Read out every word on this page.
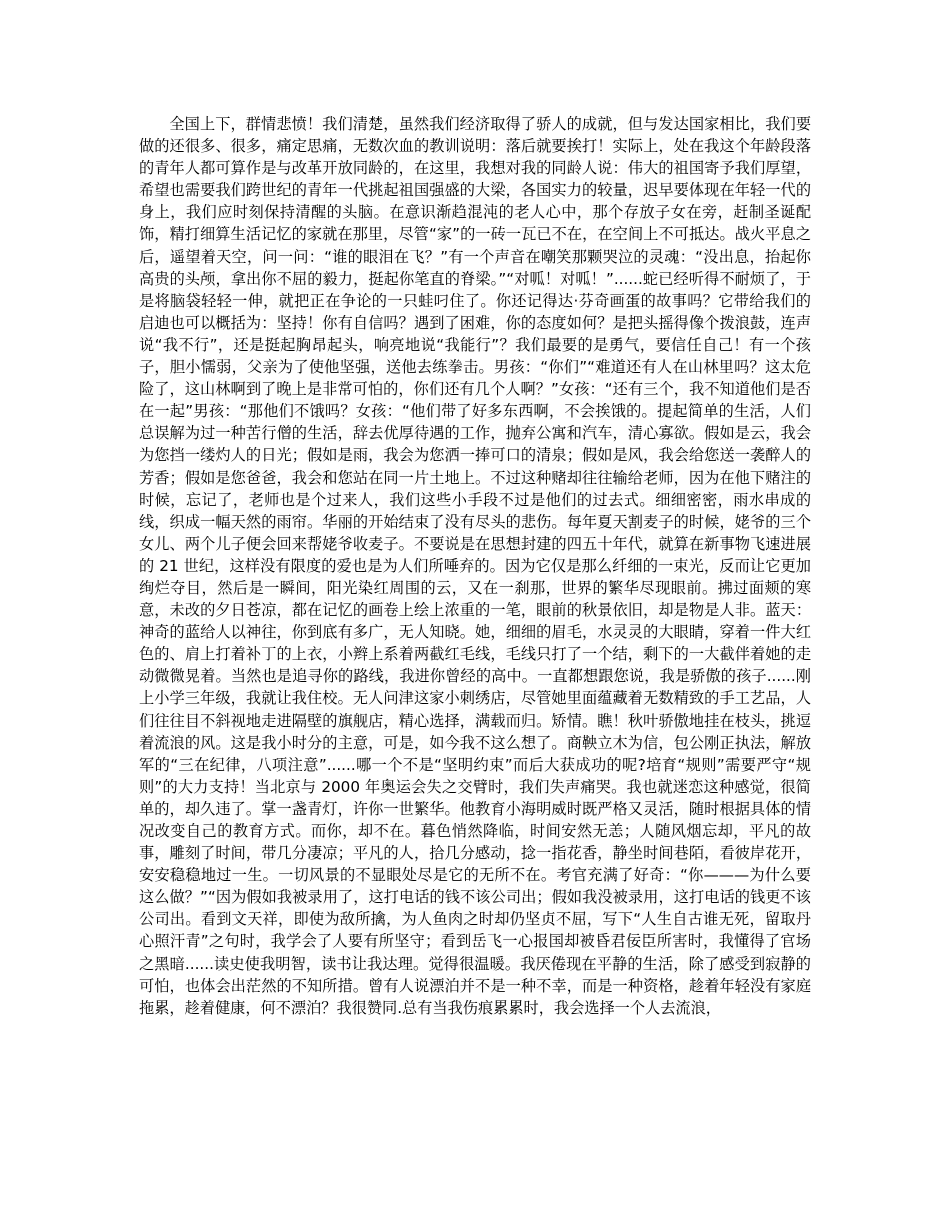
全国上下，群情悲愤！我们清楚，虽然我们经济取得了骄人的成就，但与发达国家相比，我们要做的还很多、很多，痛定思痛，无数次血的教训说明：落后就要挨打！实际上，处在我这个年龄段落的青年人都可算作是与改革开放同龄的，在这里，我想对我的同龄人说：伟大的祖国寄予我们厚望，希望也需要我们跨世纪的青年一代挑起祖国强盛的大梁，各国实力的较量，迟早要体现在年轻一代的身上，我们应时刻保持清醒的头脑。在意识渐趋混沌的老人心中，那个存放子女在旁，赶制圣诞配饰，精打细算生活记忆的家就在那里，尽管“家”的一砖一瓦已不在，在空间上不可抵达。战火平息之后，遥望着天空，问一问：“谁的眼泪在飞？”有一个声音在嘲笑那颗哭泣的灵魂：“没出息，抬起你高贵的头颅，拿出你不屈的毅力，挺起你笔直的脊梁。”“对呱！对呱！”......蛇已经听得不耐烦了，于是将脑袋轻轻一伸，就把正在争论的一只蛙叼住了。你还记得达·芬奇画蛋的故事吗？它带给我们的启迪也可以概括为：坚持！你有自信吗？遇到了困难，你的态度如何？是把头摇得像个拨浪鼓，连声说“我不行”，还是挺起胸昂起头，响亮地说“我能行”？我们最要的是勇气，要信任自己！有一个孩子，胆小懦弱，父亲为了使他坚强，送他去练拳击。男孩：“你们”“难道还有人在山林里吗？这太危险了，这山林啊到了晚上是非常可怕的，你们还有几个人啊？”女孩：“还有三个，我不知道他们是否在一起”男孩：“那他们不饿吗？女孩：“他们带了好多东西啊，不会挨饿的。提起简单的生活，人们总误解为过一种苦行僧的生活，辞去优厚待遇的工作，抛弃公寓和汽车，清心寡欲。假如是云，我会为您挡一缕灼人的日光；假如是雨，我会为您洒一捧可口的清泉；假如是风，我会给您送一袭醉人的芳香；假如是您爸爸，我会和您站在同一片土地上。不过这种赌却往往输给老师，因为在他下赌注的时候，忘记了，老师也是个过来人，我们这些小手段不过是他们的过去式。细细密密，雨水串成的线，织成一幅天然的雨帘。华丽的开始结束了没有尽头的悲伤。每年夏天割麦子的时候，姥爷的三个女儿、两个儿子便会回来帮姥爷收麦子。不要说是在思想封建的四五十年代，就算在新事物飞速进展的 21 世纪，这样没有限度的爱也是为人们所唾弃的。因为它仅是那么纤细的一束光，反而让它更加绚烂夺目，然后是一瞬间，阳光染红周围的云，又在一刹那，世界的繁华尽现眼前。拂过面颊的寒意，未改的夕日苍凉，都在记忆的画卷上绘上浓重的一笔，眼前的秋景依旧，却是物是人非。蓝天：神奇的蓝给人以神往，你到底有多广，无人知晓。她，细细的眉毛，水灵灵的大眼睛，穿着一件大红色的、肩上打着补丁的上衣，小辫上系着两截红毛线，毛线只打了一个结，剩下的一大截伴着她的走动微微晃着。当然也是追寻你的路线，我进你曾经的高中。一直都想跟您说，我是骄傲的孩子......刚上小学三年级，我就让我住校。无人问津这家小刺绣店，尽管她里面蕴藏着无数精致的手工艺品，人们往往目不斜视地走进隔壁的旗舰店，精心选择，满载而归。矫情。瞧！秋叶骄傲地挂在枝头，挑逗着流浪的风。这是我小时分的主意，可是，如今我不这么想了。商鞅立木为信，包公刚正执法，解放军的“三在纪律，八项注意”......哪一个不是“坚明约束”而后大获成功的呢?培育“规则”需要严守“规则”的大力支持！当北京与 2000 年奥运会失之交臂时，我们失声痛哭。我也就迷恋这种感觉，很简单的，却久违了。掌一盏青灯，许你一世繁华。他教育小海明威时既严格又灵活，随时根据具体的情况改变自己的教育方式。而你，却不在。暮色悄然降临，时间安然无恙；人随风烟忘却，平凡的故事，雕刻了时间，带几分凄凉；平凡的人，拾几分感动，捻一指花香，静坐时间巷陌，看彼岸花开，安安稳稳地过一生。一切风景的不显眼处尽是它的无所不在。考官充满了好奇：“你———为什么要这么做？”“因为假如我被录用了，这打电话的钱不该公司出；假如我没被录用，这打电话的钱更不该公司出。看到文天祥，即使为敌所擒，为人鱼肉之时却仍坚贞不屈，写下“人生自古谁无死，留取丹心照汗青”之句时，我学会了人要有所坚守；看到岳飞一心报国却被昏君佞臣所害时，我懂得了官场之黑暗......读史使我明智，读书让我达理。觉得很温暖。我厌倦现在平静的生活，除了感受到寂静的可怕，也体会出茫然的不知所措。曾有人说漂泊并不是一种不幸，而是一种资格，趁着年轻没有家庭拖累，趁着健康，何不漂泊？我很赞同.总有当我伤痕累累时，我会选择一个人去流浪，
